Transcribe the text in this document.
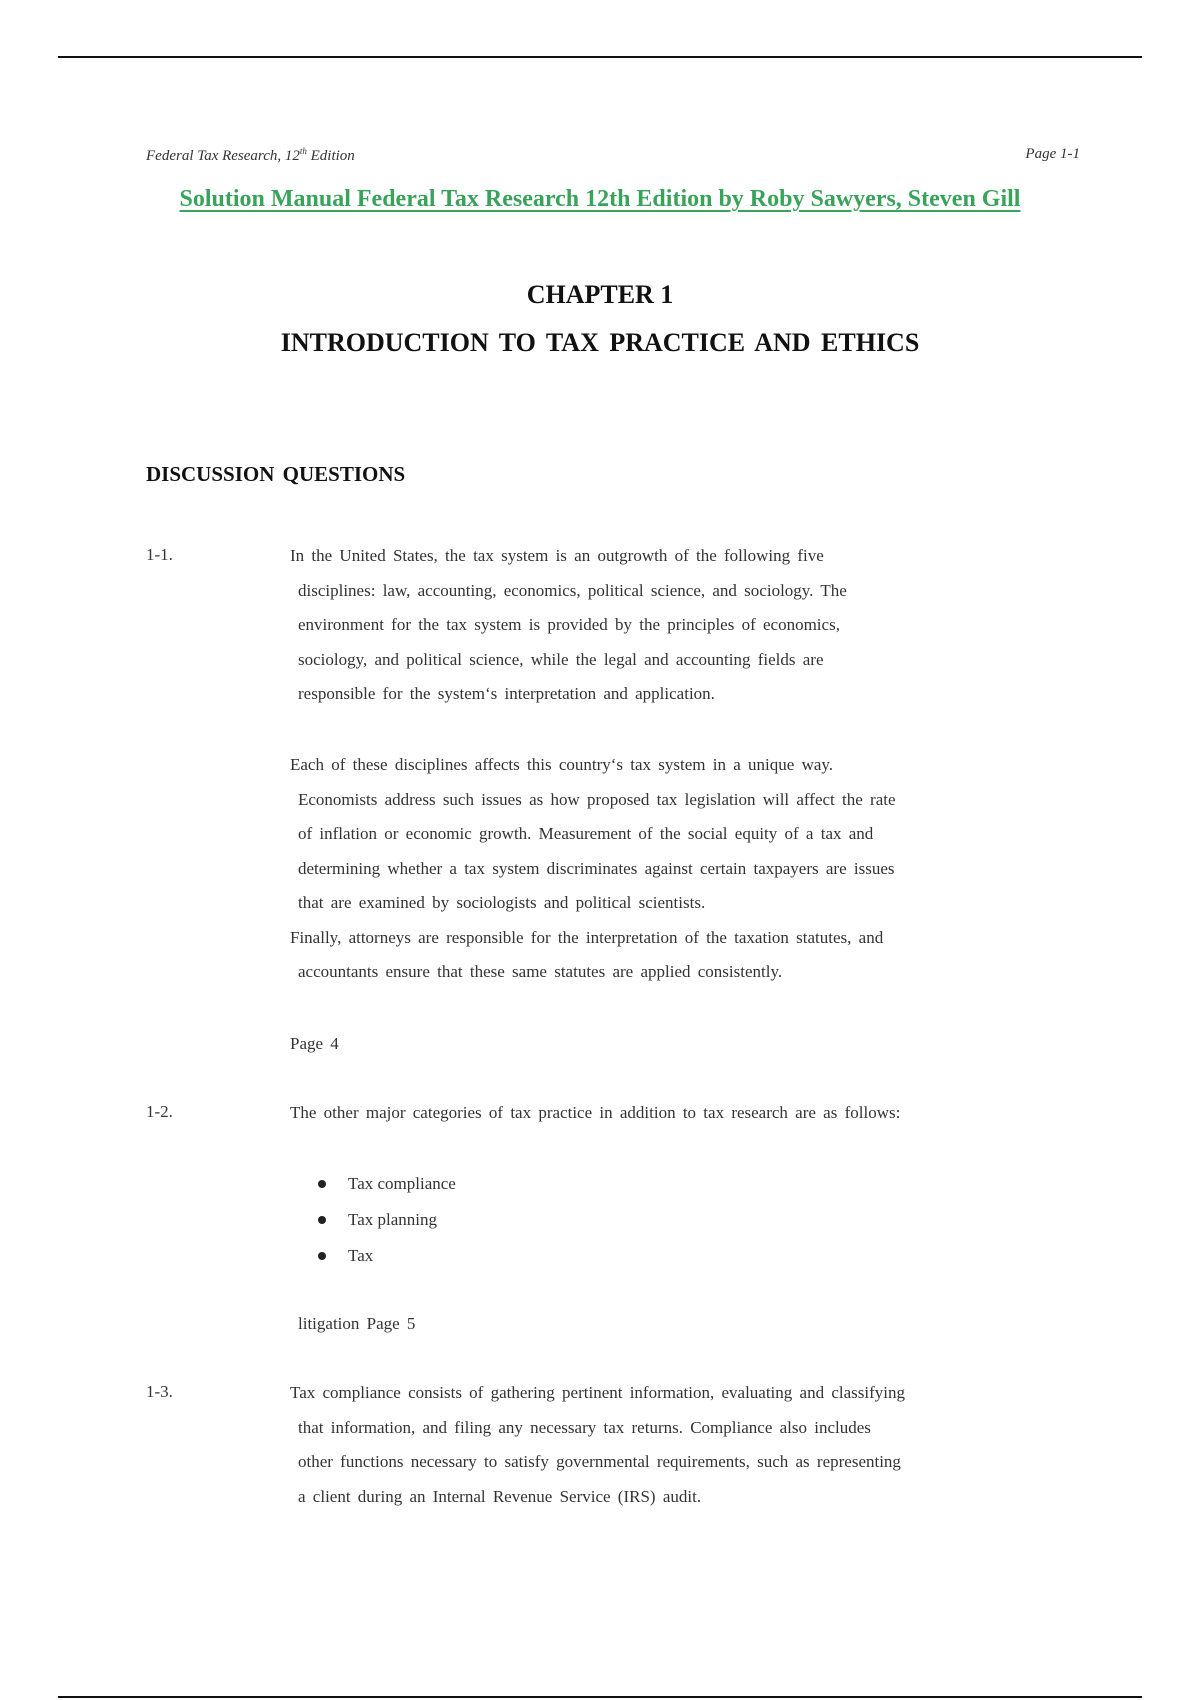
Federal Tax Research, 12th Edition	Page 1-1
Solution Manual Federal Tax Research 12th Edition by Roby Sawyers, Steven Gill
CHAPTER 1
INTRODUCTION TO TAX PRACTICE AND ETHICS
DISCUSSION QUESTIONS
1-1.	In the United States, the tax system is an outgrowth of the following five
disciplines: law, accounting, economics, political science, and sociology. The
environment for the tax system is provided by the principles of economics,
sociology, and political science, while the legal and accounting fields are
responsible for the system‘s interpretation and application.
Each of these disciplines affects this country‘s tax system in a unique way.
Economists address such issues as how proposed tax legislation will affect the rate
of inflation or economic growth. Measurement of the social equity of a tax and
determining whether a tax system discriminates against certain taxpayers are issues
that are examined by sociologists and political scientists.
Finally, attorneys are responsible for the interpretation of the taxation statutes, and
accountants ensure that these same statutes are applied consistently.
Page 4
1-2.	The other major categories of tax practice in addition to tax research are as follows:
Tax compliance
Tax planning
Tax
litigation Page 5
1-3.	Tax compliance consists of gathering pertinent information, evaluating and classifying
that information, and filing any necessary tax returns. Compliance also includes
other functions necessary to satisfy governmental requirements, such as representing
a client during an Internal Revenue Service (IRS) audit.
